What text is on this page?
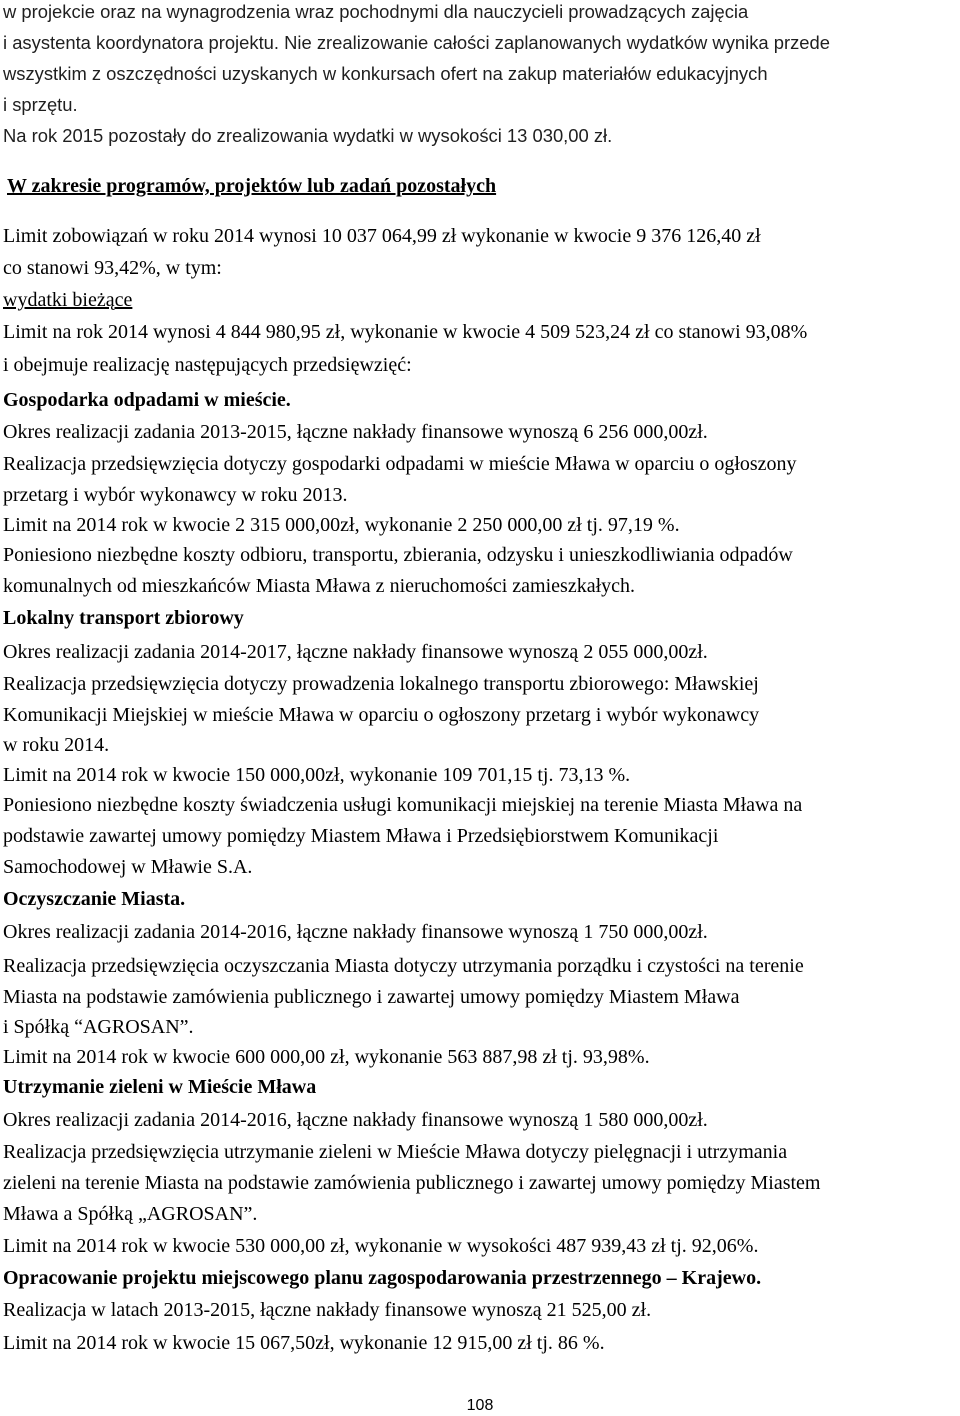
w projekcie oraz na wynagrodzenia wraz pochodnymi dla nauczycieli prowadzących zajęcia
i asystenta koordynatora projektu. Nie zrealizowanie całości zaplanowanych wydatków wynika przede
wszystkim z oszczędności uzyskanych w konkursach ofert na zakup materiałów edukacyjnych
i sprzętu.
Na rok 2015 pozostały do zrealizowania wydatki w wysokości 13 030,00 zł.
W zakresie programów, projektów lub zadań pozostałych
Limit zobowiązań w roku 2014 wynosi 10 037 064,99 zł wykonanie w kwocie 9 376 126,40 zł
co stanowi 93,42%, w tym:
wydatki bieżące
Limit na rok 2014 wynosi 4 844 980,95 zł, wykonanie w kwocie 4 509 523,24 zł co stanowi 93,08%
i obejmuje realizację następujących przedsięwzięć:
Gospodarka odpadami w mieście.
Okres realizacji zadania 2013-2015, łączne nakłady finansowe wynoszą 6 256 000,00zł.
Realizacja przedsięwzięcia dotyczy gospodarki odpadami w mieście Mława w oparciu o ogłoszony
przetarg i wybór wykonawcy w roku 2013.
Limit na 2014 rok w kwocie 2 315 000,00zł, wykonanie 2 250 000,00 zł tj. 97,19 %.
Poniesiono niezbędne koszty odbioru, transportu, zbierania, odzysku i unieszkodliwiania odpadów
komunalnych od mieszkańców Miasta Mława z nieruchomości zamieszkałych.
Lokalny transport zbiorowy
Okres realizacji zadania 2014-2017, łączne nakłady finansowe wynoszą 2 055 000,00zł.
Realizacja przedsięwzięcia dotyczy prowadzenia lokalnego transportu zbiorowego: Mławskiej
Komunikacji Miejskiej w mieście Mława w oparciu o ogłoszony przetarg i wybór wykonawcy
w roku 2014.
Limit na 2014 rok w kwocie 150 000,00zł, wykonanie 109 701,15 tj. 73,13 %.
Poniesiono niezbędne koszty świadczenia usługi komunikacji miejskiej na terenie Miasta Mława na
podstawie zawartej umowy pomiędzy Miastem Mława i Przedsiębiorstwem Komunikacji
Samochodowej w Mławie S.A.
Oczyszczanie Miasta.
Okres realizacji zadania 2014-2016, łączne nakłady finansowe wynoszą 1 750 000,00zł.
Realizacja przedsięwzięcia oczyszczania Miasta dotyczy utrzymania porządku i czystości na terenie
Miasta na podstawie zamówienia publicznego i zawartej umowy pomiędzy Miastem Mława
i Spółką “AGROSAN”.
Limit na 2014 rok w kwocie 600 000,00 zł, wykonanie 563 887,98 zł tj. 93,98%.
Utrzymanie zieleni w Mieście Mława
Okres realizacji zadania 2014-2016, łączne nakłady finansowe wynoszą 1 580 000,00zł.
Realizacja przedsięwzięcia utrzymanie zieleni w Mieście Mława dotyczy pielęgnacji i utrzymania
zieleni na terenie Miasta na podstawie zamówienia publicznego i zawartej umowy pomiędzy Miastem
Mława a Spółką „AGROSAN”.
Limit na 2014 rok w kwocie 530 000,00 zł, wykonanie w wysokości 487 939,43 zł tj. 92,06%.
Opracowanie projektu miejscowego planu zagospodarowania przestrzennego – Krajewo.
Realizacja w latach 2013-2015, łączne nakłady finansowe wynoszą 21 525,00 zł.
Limit na 2014 rok w kwocie 15 067,50zł, wykonanie 12 915,00 zł tj. 86 %.
108
